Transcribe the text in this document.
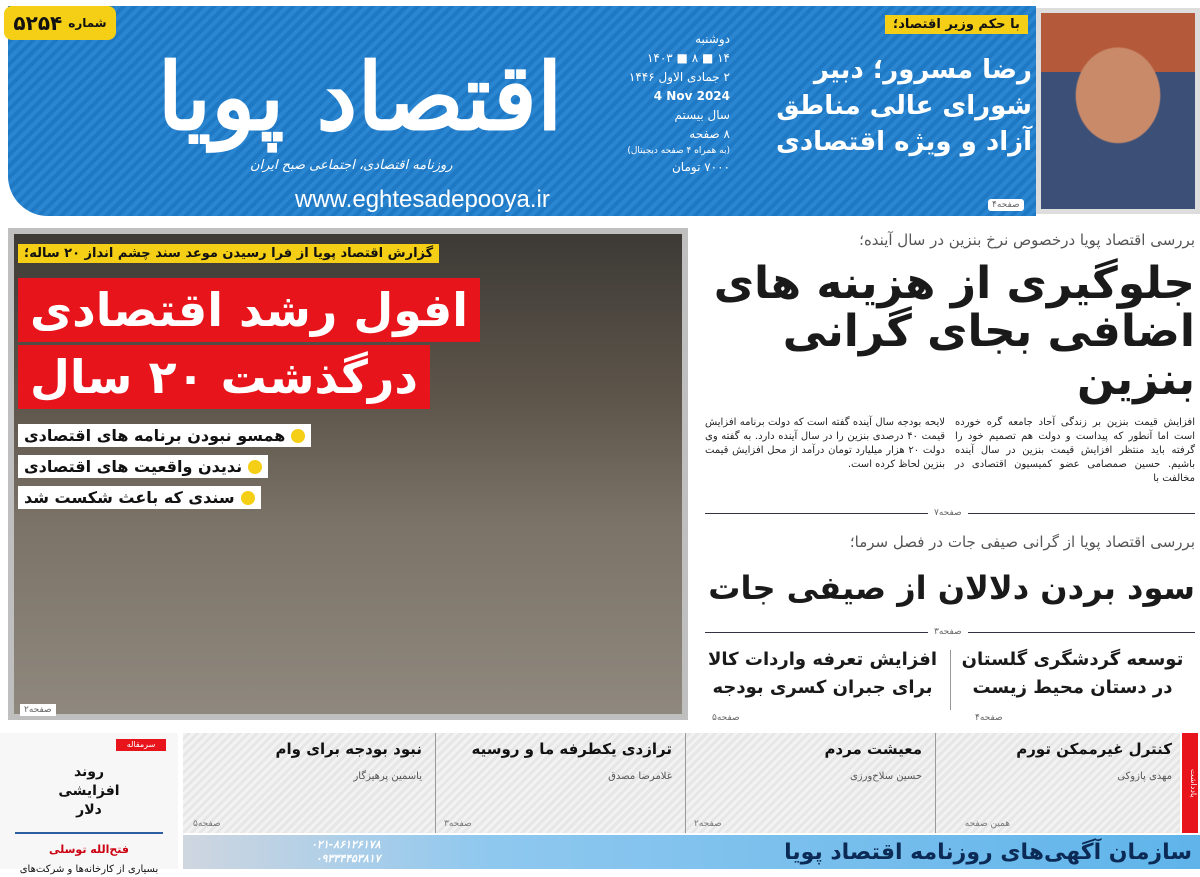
شماره
۵۲۵۴
اقتصاد پویا
روزنامه اقتصادی، اجتماعی صبح ایران
www.eghtesadepooya.ir
دوشنبه
۱۴ ■ ۸ ■ ۱۴۰۳
۲ جمادی الاول ۱۴۴۶
4 Nov 2024
سال بیستم
۸ صفحه
(به همراه ۴ صفحه دیجیتال)
۷۰۰۰ تومان
با حکم وزیر اقتصاد؛
رضا مسرور؛ دبیر شورای عالی مناطق آزاد و ویژه اقتصادی
صفحه۴
گزارش اقتصاد پویا از فرا رسیدن موعد سند چشم انداز ۲۰ ساله؛
افول رشد اقتصادی
درگذشت ۲۰ سال
همسو نبودن برنامه های اقتصادی
ندیدن واقعیت های اقتصادی
سندی که باعث شکست شد
صفحه۲
بررسی اقتصاد پویا درخصوص نرخ بنزین در سال آینده؛
جلوگیری از هزینه های اضافی بجای گرانی بنزین
افزایش قیمت بنزین بر زندگی آحاد جامعه گره خورده است اما آنطور که پیداست و دولت هم تصمیم خود را گرفته باید منتظر افزایش قیمت بنزین در سال آینده باشیم. حسین صمصامی عضو کمیسیون اقتصادی در مخالفت با
لایحه بودجه سال آینده گفته است که دولت برنامه افزایش قیمت ۴۰ درصدی بنزین را در سال آینده دارد. به گفته وی دولت ۲۰ هزار میلیارد تومان درآمد از محل افزایش قیمت بنزین لحاظ کرده است.
صفحه۷
بررسی اقتصاد پویا از گرانی صیفی جات در فصل سرما؛
سود بردن دلالان از صیفی جات
صفحه۳
توسعه گردشگری گلستان در دستان محیط زیست
صفحه۴
افزایش تعرفه واردات کالا برای جبران کسری بودجه
صفحه۵
کنترل غیرممکن تورم
مهدی پازوکی
همین صفحه
معیشت مردم
حسین سلاح‌ورزی
صفحه۲
ترازدی یکطرفه ما و روسیه
غلامرضا مصدق
صفحه۳
نبود بودجه برای وام
یاسمین پرهیزگار
صفحه۵
یادداشت
سرمقاله
روند افزایشی دلار
فتح‌الله توسلی
بسیاری از کارخانه‌ها و شرکت‌های
سازمان آگهی‌های روزنامه اقتصاد پویا
۰۲۱-۸۶۱۲۶۱۷۸
۰۹۳۳۴۴۵۳۸۱۷
